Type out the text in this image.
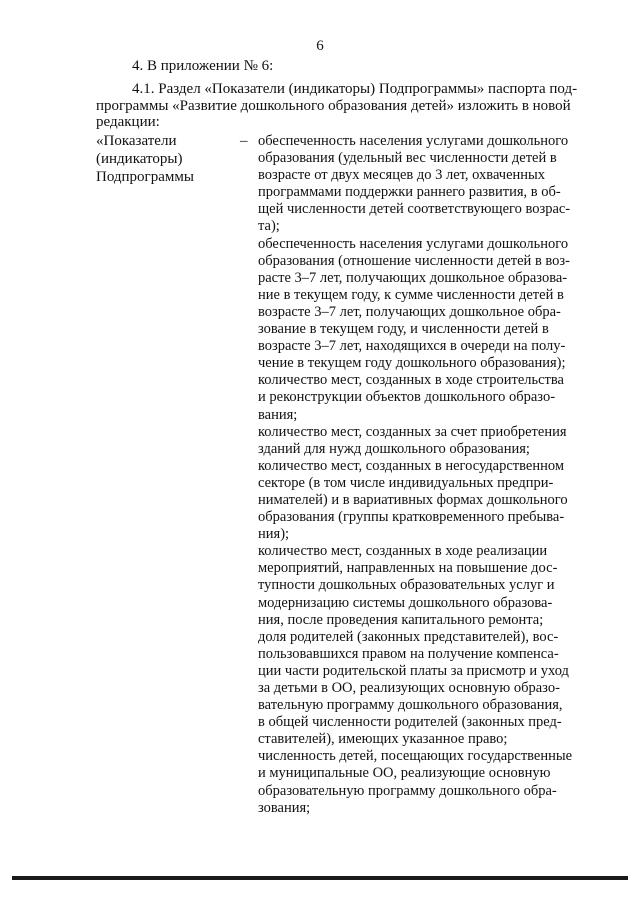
6
4. В приложении № 6:
4.1. Раздел «Показатели (индикаторы) Подпрограммы» паспорта под-
программы «Развитие дошкольного образования детей» изложить в новой
редакции:
«Показатели
(индикаторы)
Подпрограммы
– обеспеченность населения услугами дошкольного
образования (удельный вес численности детей в
возрасте от двух месяцев до 3 лет, охваченных
программами поддержки раннего развития, в об-
щей численности детей соответствующего возрас-
та);
обеспеченность населения услугами дошкольного
образования (отношение численности детей в воз-
расте 3–7 лет, получающих дошкольное образова-
ние в текущем году, к сумме численности детей в
возрасте 3–7 лет, получающих дошкольное обра-
зование в текущем году, и численности детей в
возрасте 3–7 лет, находящихся в очереди на полу-
чение в текущем году дошкольного образования);
количество мест, созданных в ходе строительства
и реконструкции объектов дошкольного образо-
вания;
количество мест, созданных за счет приобретения
зданий для нужд дошкольного образования;
количество мест, созданных в негосударственном
секторе (в том числе индивидуальных предпри-
нимателей) и в вариативных формах дошкольного
образования (группы кратковременного пребыва-
ния);
количество мест, созданных в ходе реализации
мероприятий, направленных на повышение дос-
тупности дошкольных образовательных услуг и
модернизацию системы дошкольного образова-
ния, после проведения капитального ремонта;
доля родителей (законных представителей), вос-
пользовавшихся правом на получение компенса-
ции части родительской платы за присмотр и уход
за детьми в ОО, реализующих основную образо-
вательную программу дошкольного образования,
в общей численности родителей (законных пред-
ставителей), имеющих указанное право;
численность детей, посещающих государственные
и муниципальные ОО, реализующие основную
образовательную программу дошкольного обра-
зования;
